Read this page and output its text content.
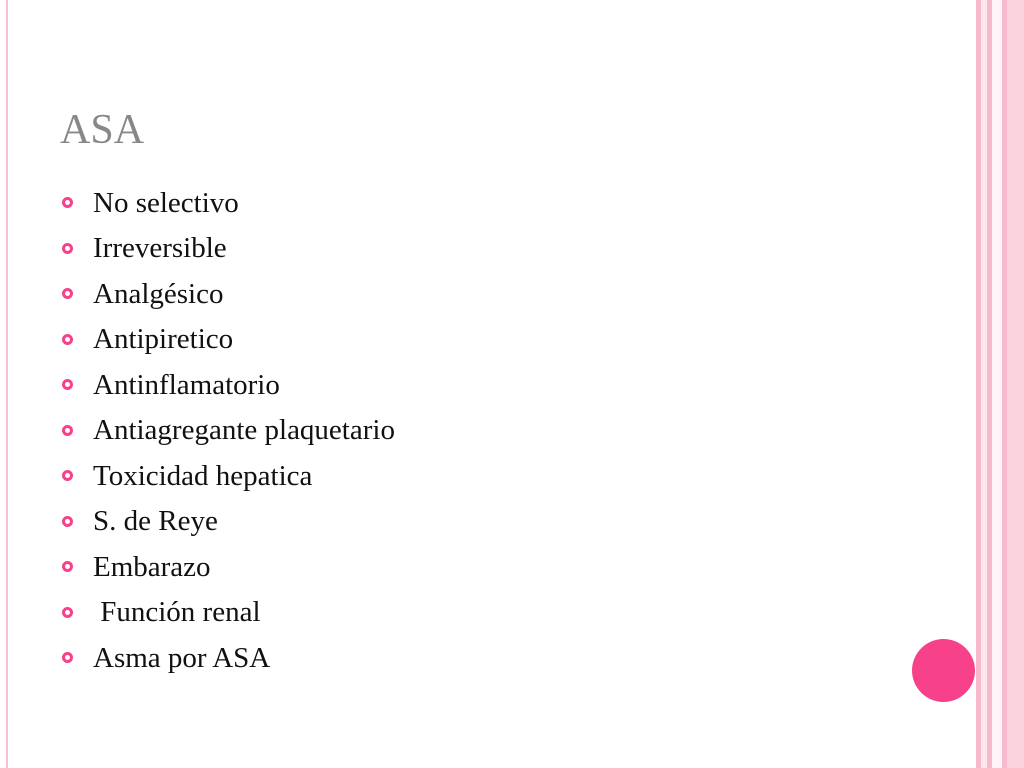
ASA
No selectivo
Irreversible
Analgésico
Antipiretico
Antinflamatorio
Antiagregante plaquetario
Toxicidad hepatica
S. de Reye
Embarazo
Función renal
Asma por ASA
